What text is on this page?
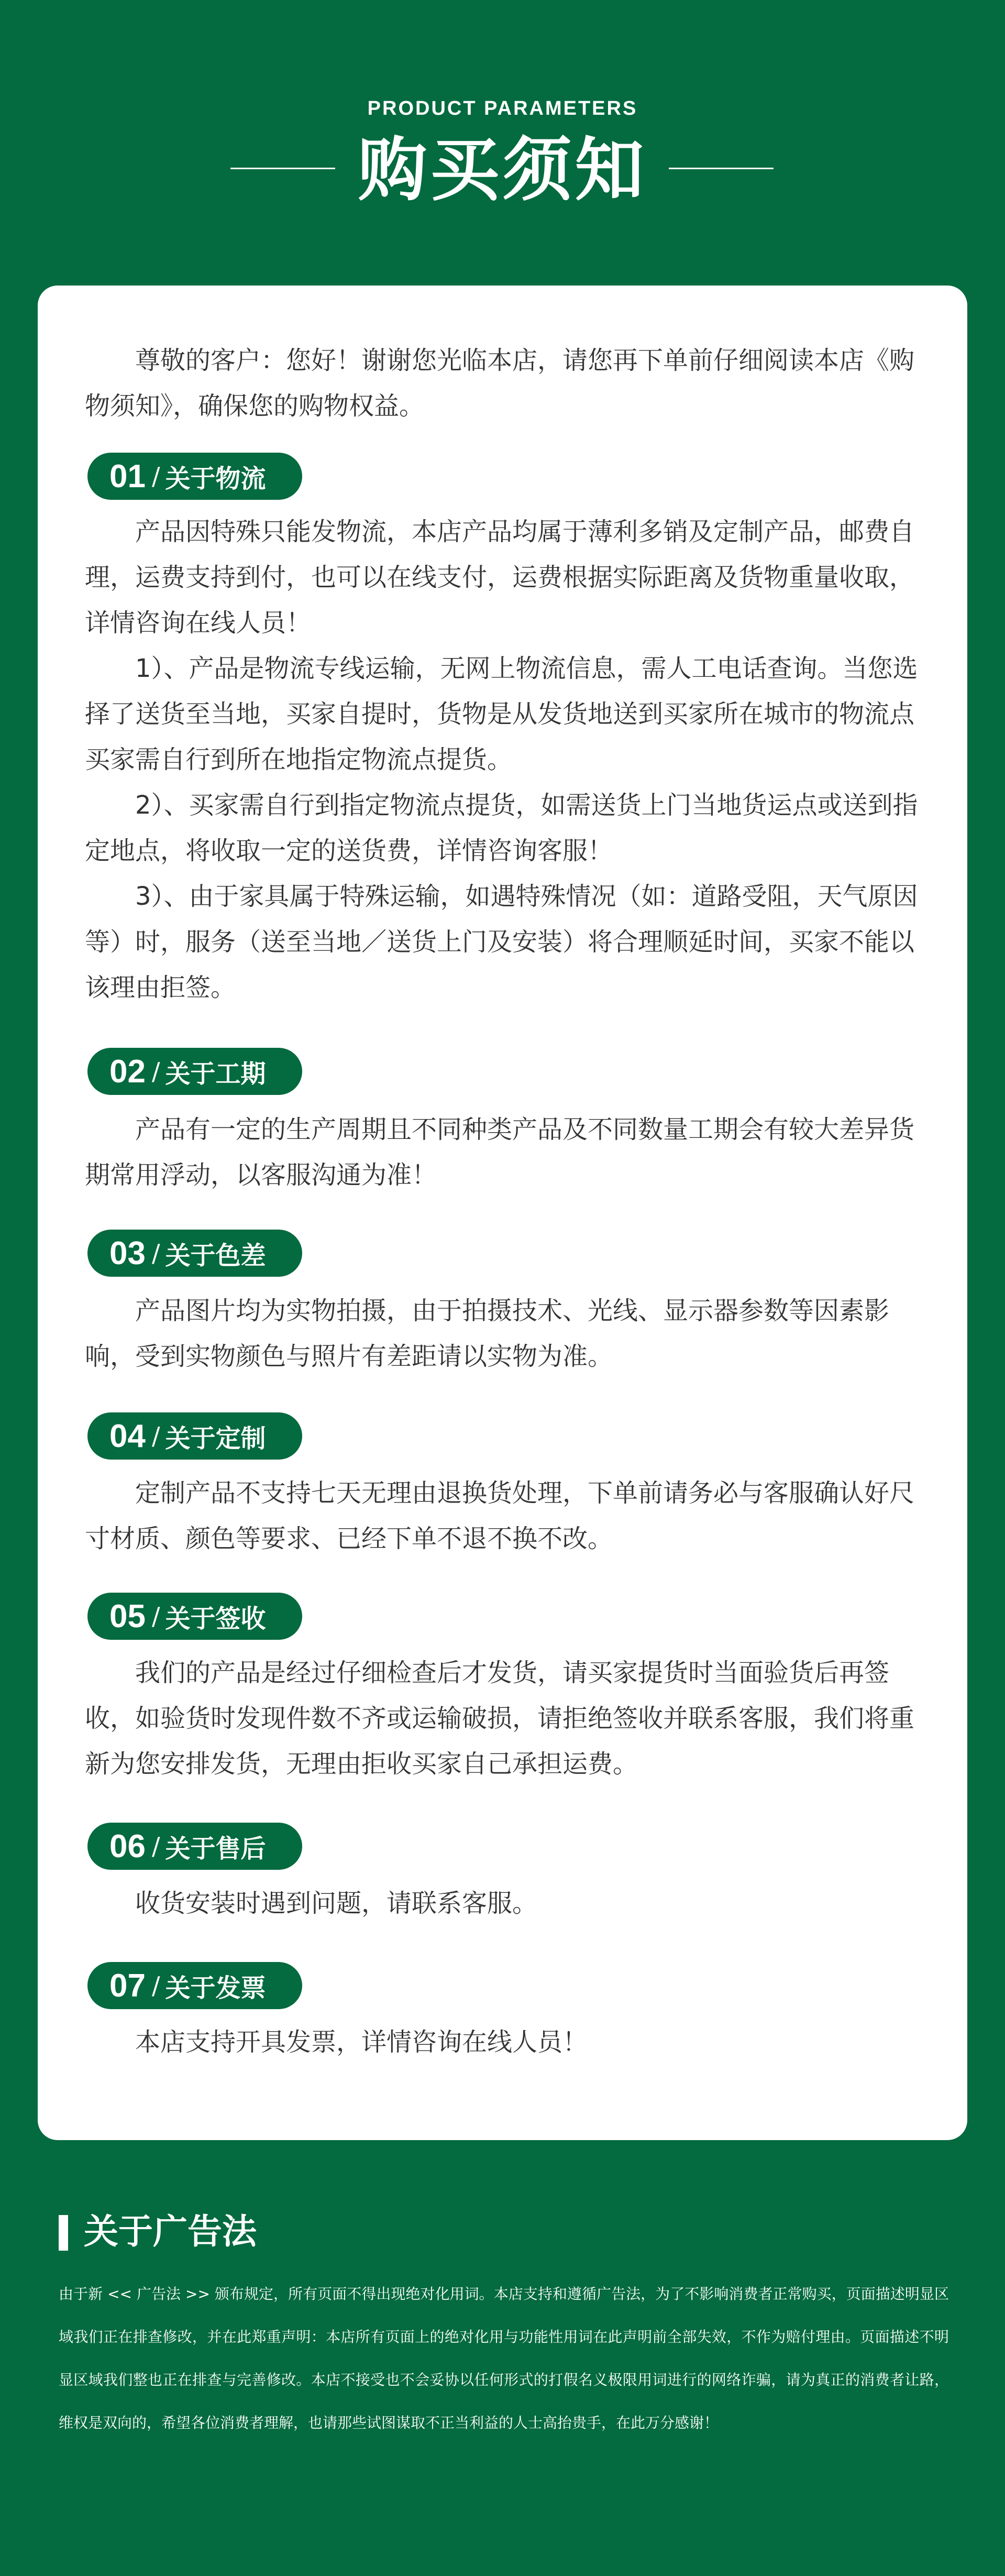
PRODUCT PARAMETERS
购买须知

尊敬的客户：您好！谢谢您光临本店，请您再下单前仔细阅读本店《购物须知》，确保您的购物权益。

01 / 关于物流

产品因特殊只能发物流，本店产品均属于薄利多销及定制产品，邮费自理，运费支持到付，也可以在线支付，运费根据实际距离及货物重量收取，详情咨询在线人员！

1）、产品是物流专线运输，无网上物流信息，需人工电话查询。当您选择了送货至当地，买家自提时，货物是从发货地送到买家所在城市的物流点买家需自行到所在地指定物流点提货。

2）、买家需自行到指定物流点提货，如需送货上门当地货运点或送到指定地点，将收取一定的送货费，详情咨询客服！

3）、由于家具属于特殊运输，如遇特殊情况（如：道路受阻，天气原因等）时，服务（送至当地／送货上门及安装）将合理顺延时间，买家不能以该理由拒签。

02 / 关于工期

产品有一定的生产周期且不同种类产品及不同数量工期会有较大差异货期常用浮动，以客服沟通为准！

03 / 关于色差

产品图片均为实物拍摄，由于拍摄技术、光线、显示器参数等因素影响，受到实物颜色与照片有差距请以实物为准。

04 / 关于定制

定制产品不支持七天无理由退换货处理，下单前请务必与客服确认好尺寸材质、颜色等要求、已经下单不退不换不改。

05 / 关于签收

我们的产品是经过仔细检查后才发货，请买家提货时当面验货后再签收，如验货时发现件数不齐或运输破损，请拒绝签收并联系客服，我们将重新为您安排发货，无理由拒收买家自己承担运费。

06 / 关于售后

收货安装时遇到问题，请联系客服。

07 / 关于发票

本店支持开具发票，详情咨询在线人员！

关于广告法

由于新 << 广告法 >> 颁布规定，所有页面不得出现绝对化用词。本店支持和遵循广告法，为了不影响消费者正常购买，页面描述明显区域我们正在排查修改，并在此郑重声明：本店所有页面上的绝对化用与功能性用词在此声明前全部失效，不作为赔付理由。页面描述不明显区域我们整也正在排查与完善修改。本店不接受也不会妥协以任何形式的打假名义极限用词进行的网络诈骗，请为真正的消费者让路，维权是双向的，希望各位消费者理解，也请那些试图谋取不正当利益的人士高抬贵手，在此万分感谢！
